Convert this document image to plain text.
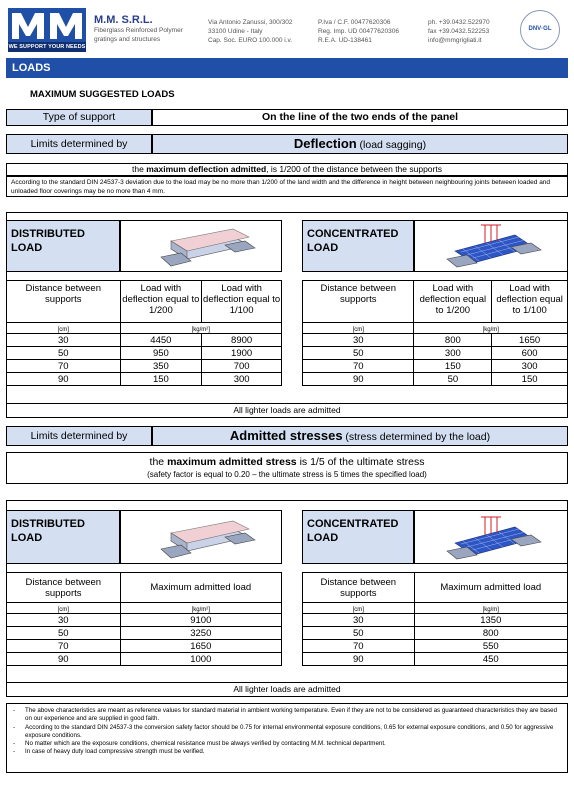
WE SUPPORT YOUR NEEDS
M.M. S.R.L.
Fiberglass Reinforced Polymer
gratings and structures
Via Antonio Zanussi, 300/302
33100 Udine - Italy
Cap. Soc. EURO 100.000 i.v.
P.Iva / C.F. 00477620306
Reg. Imp. UD 00477620306
R.E.A. UD-138461
ph. +39.0432.522970
fax +39.0432.522253
info@mmgrigliati.it
DNV·GL
LOADS
MAXIMUM SUGGESTED LOADS
Type of support	On the line of the two ends of the panel
Limits determined by	Deflection (load sagging)
the maximum deflection admitted, is 1/200 of the distance between the supports
According to the standard DIN 24537-3 deviation due to the load may be no more than 1/200 of the land width and the difference in height between neighbouring joints between loaded and unloaded floor coverings may be no more than 4 mm.
DISTRIBUTED
LOAD
Distance between supports	Load with deflection equal to 1/200	Load with deflection equal to 1/100
[cm]	[kg/m²]	
30	4450	8900
50	950	1900
70	350	700
90	150	300
CONCENTRATED
LOAD
Distance between supports	Load with deflection equal to 1/200	Load with deflection equal to 1/100
[cm]	[kg/m]	
30	800	1650
50	300	600
70	150	300
90	50	150
All lighter loads are admitted
Limits determined by	Admitted stresses (stress determined by the load)
the maximum admitted stress is 1/5 of the ultimate stress
(safety factor is equal to 0.20 – the ultimate stress is 5 times the specified load)
DISTRIBUTED
LOAD
Distance between supports	Maximum admitted load
[cm]	[kg/m²]
30	9100
50	3250
70	1650
90	1000
CONCENTRATED
LOAD
Distance between supports	Maximum admitted load
[cm]	[kg/m]
30	1350
50	800
70	550
90	450
All lighter loads are admitted
- The above characteristics are meant as reference values for standard material in ambient working temperature. Even if they are not to be considered as guaranteed characteristics they are based on our experience and are supplied in good faith.
- According to the standard DIN 24537-3 the conversion safety factor should be 0.75 for internal environmental exposure conditions, 0.65 for external exposure conditions, and 0.50 for aggressive exposure conditions.
- No matter which are the exposure conditions, chemical resistance must be always verified by contacting M.M. technical department.
- In case of heavy duty load compressive strength must be verified.
